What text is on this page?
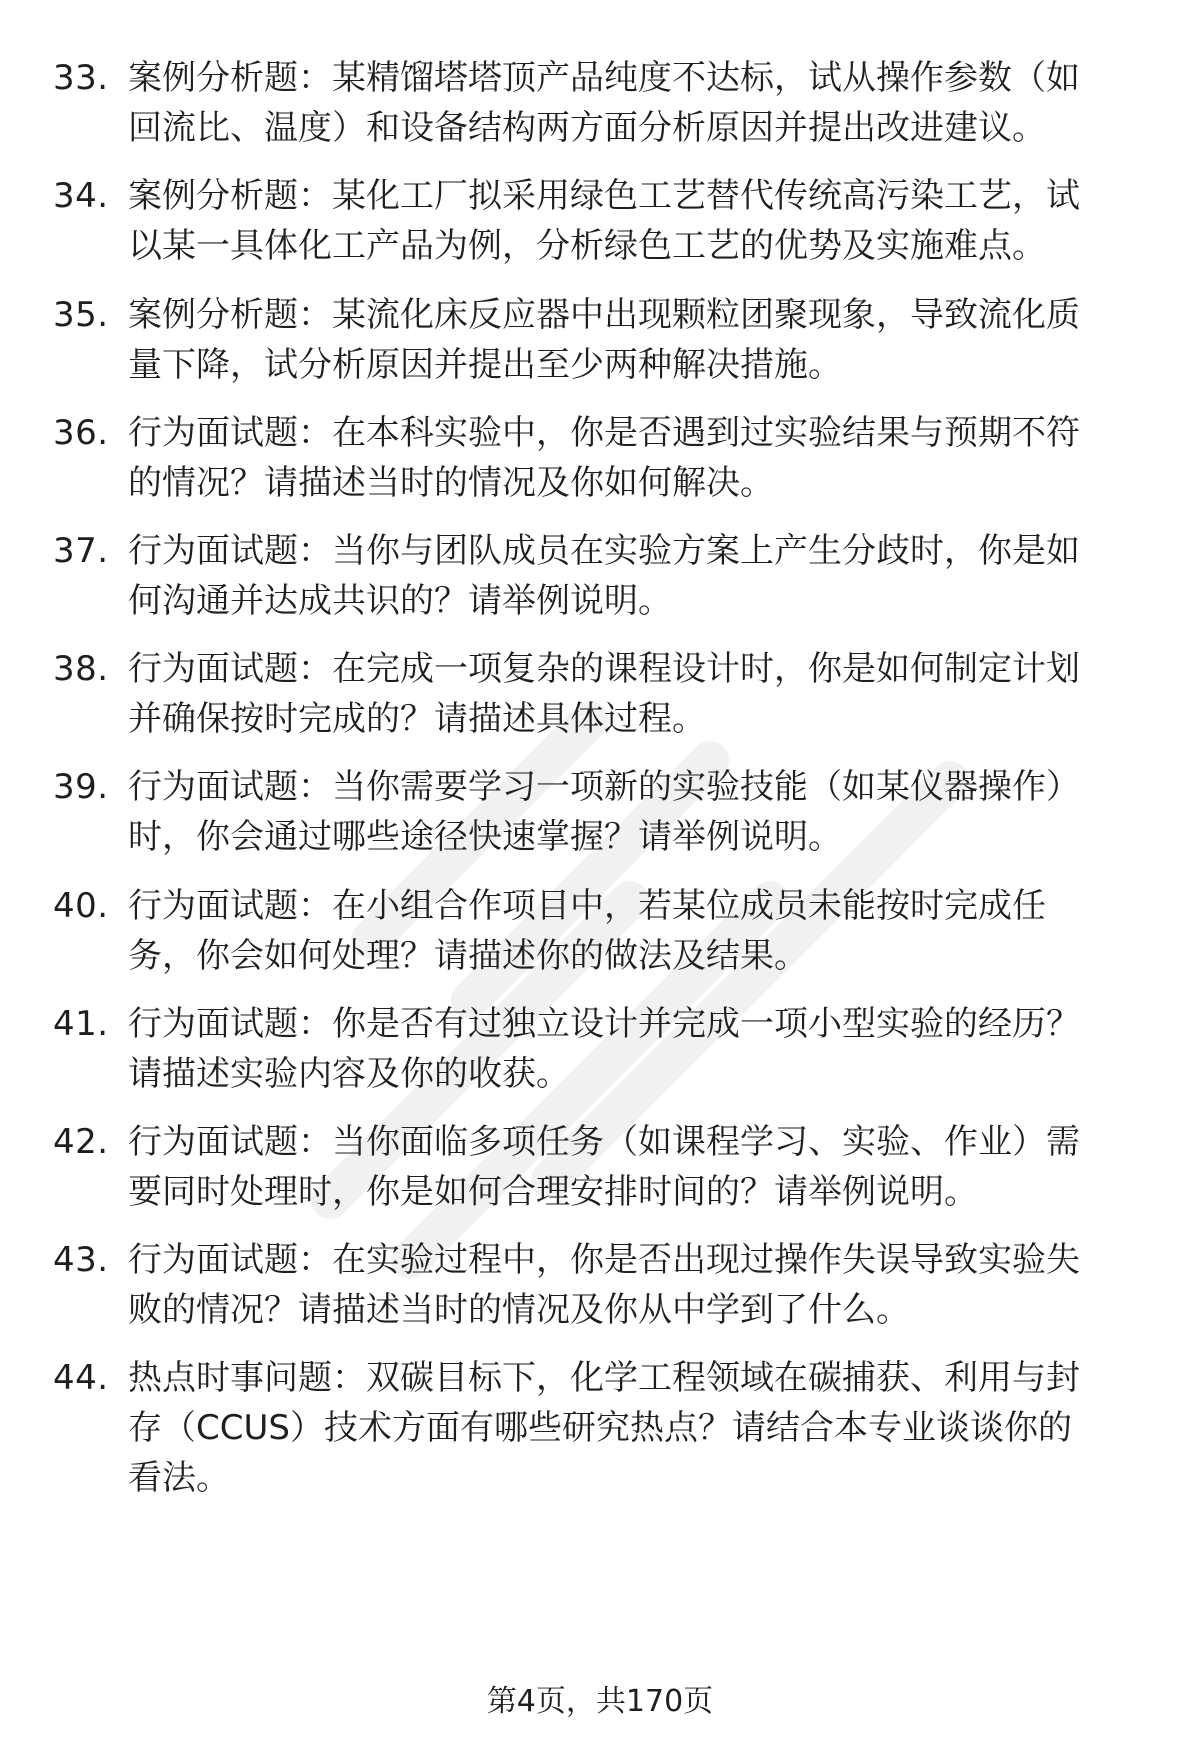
33. 案例分析题：某精馏塔塔顶产品纯度不达标，试从操作参数（如
回流比、温度）和设备结构两方面分析原因并提出改进建议。
34. 案例分析题：某化工厂拟采用绿色工艺替代传统高污染工艺，试
以某一具体化工产品为例，分析绿色工艺的优势及实施难点。
35. 案例分析题：某流化床反应器中出现颗粒团聚现象，导致流化质
量下降，试分析原因并提出至少两种解决措施。
36. 行为面试题：在本科实验中，你是否遇到过实验结果与预期不符
的情况？请描述当时的情况及你如何解决。
37. 行为面试题：当你与团队成员在实验方案上产生分歧时，你是如
何沟通并达成共识的？请举例说明。
38. 行为面试题：在完成一项复杂的课程设计时，你是如何制定计划
并确保按时完成的？请描述具体过程。
39. 行为面试题：当你需要学习一项新的实验技能（如某仪器操作）
时，你会通过哪些途径快速掌握？请举例说明。
40. 行为面试题：在小组合作项目中，若某位成员未能按时完成任
务，你会如何处理？请描述你的做法及结果。
41. 行为面试题：你是否有过独立设计并完成一项小型实验的经历？
请描述实验内容及你的收获。
42. 行为面试题：当你面临多项任务（如课程学习、实验、作业）需
要同时处理时，你是如何合理安排时间的？请举例说明。
43. 行为面试题：在实验过程中，你是否出现过操作失误导致实验失
败的情况？请描述当时的情况及你从中学到了什么。
44. 热点时事问题：双碳目标下，化学工程领域在碳捕获、利用与封
存（CCUS）技术方面有哪些研究热点？请结合本专业谈谈你的
看法。
第4页，共170页
